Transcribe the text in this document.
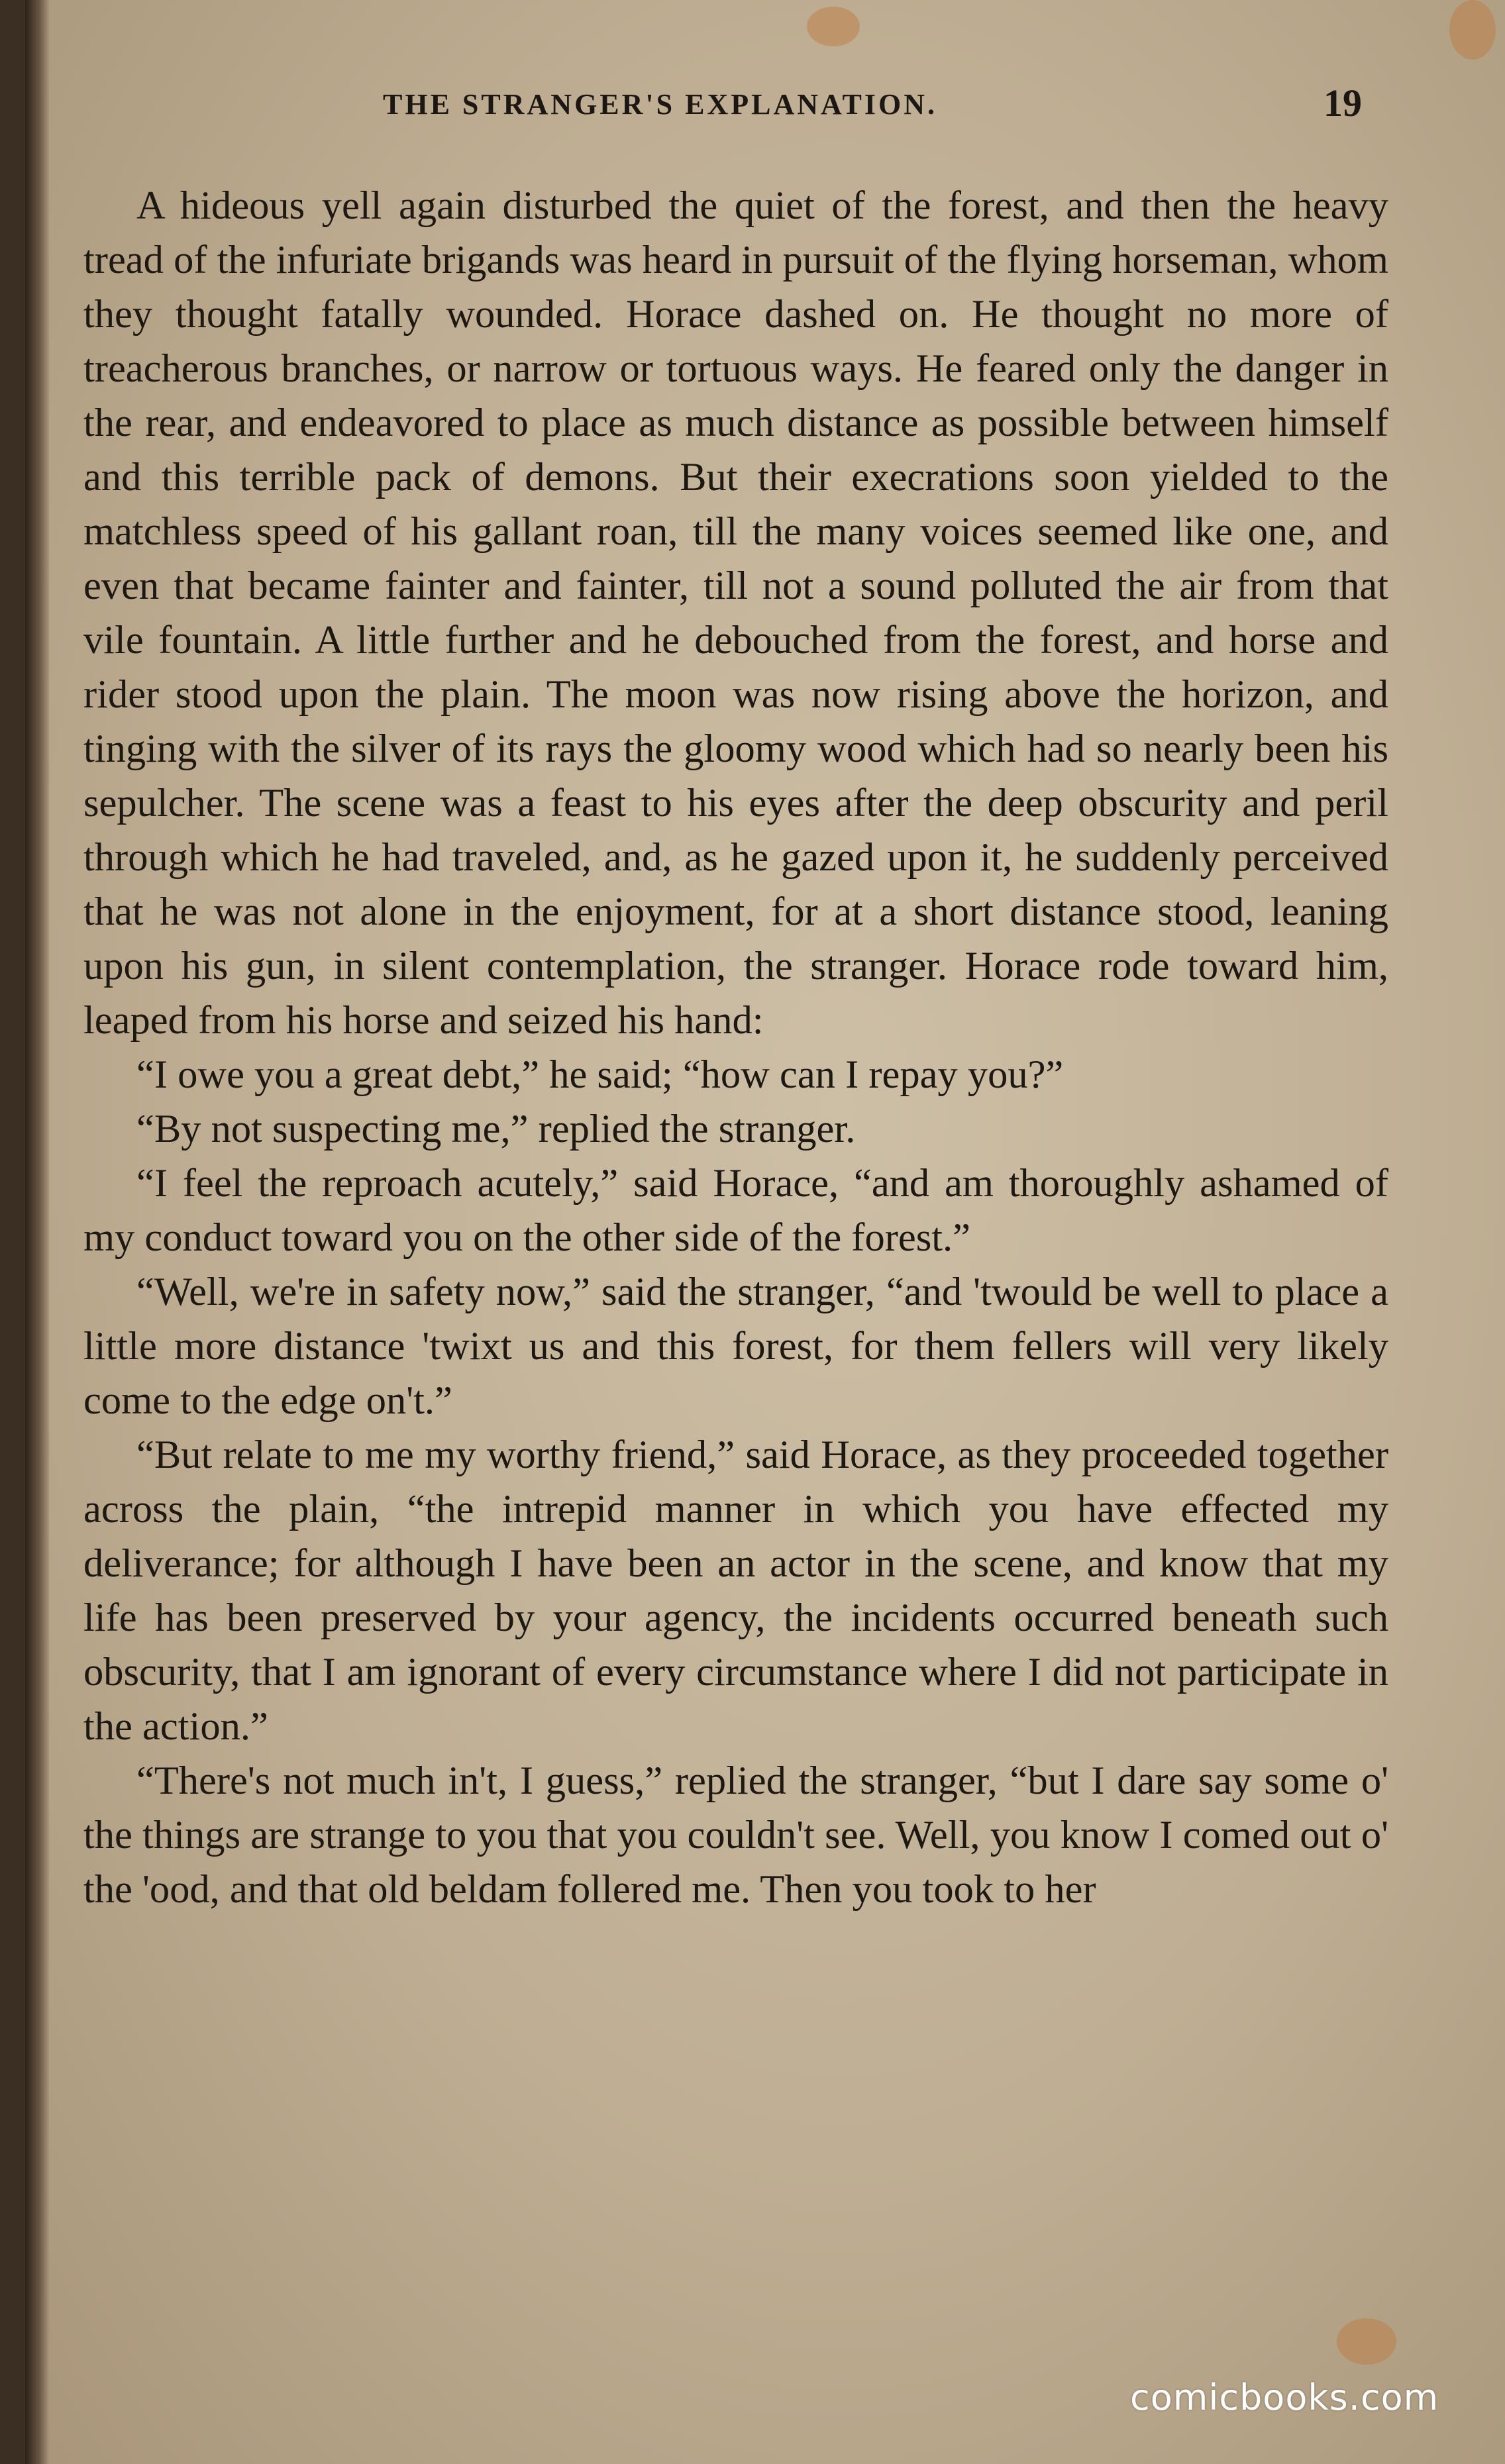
THE STRANGER'S EXPLANATION.	19

A hideous yell again disturbed the quiet of the forest, and then the heavy tread of the infuriate brigands was heard in pursuit of the flying horseman, whom they thought fatally wounded. Horace dashed on. He thought no more of treacherous branches, or narrow or tortuous ways. He feared only the danger in the rear, and endeavored to place as much distance as possible between himself and this terrible pack of demons. But their execrations soon yielded to the matchless speed of his gallant roan, till the many voices seemed like one, and even that became fainter and fainter, till not a sound polluted the air from that vile fountain. A little further and he debouched from the forest, and horse and rider stood upon the plain. The moon was now rising above the horizon, and tinging with the silver of its rays the gloomy wood which had so nearly been his sepulcher. The scene was a feast to his eyes after the deep obscurity and peril through which he had traveled, and, as he gazed upon it, he suddenly perceived that he was not alone in the enjoyment, for at a short distance stood, leaning upon his gun, in silent contemplation, the stranger. Horace rode toward him, leaped from his horse and seized his hand:

“I owe you a great debt,” he said; “how can I repay you?”

“By not suspecting me,” replied the stranger.

“I feel the reproach acutely,” said Horace, “and am thoroughly ashamed of my conduct toward you on the other side of the forest.”

“Well, we're in safety now,” said the stranger, “and 'twould be well to place a little more distance 'twixt us and this forest, for them fellers will very likely come to the edge on't.”

“But relate to me my worthy friend,” said Horace, as they proceeded together across the plain, “the intrepid manner in which you have effected my deliverance; for although I have been an actor in the scene, and know that my life has been preserved by your agency, the incidents occurred beneath such obscurity, that I am ignorant of every circumstance where I did not participate in the action.”

“There's not much in't, I guess,” replied the stranger, “but I dare say some o' the things are strange to you that you couldn't see. Well, you know I comed out o' the 'ood, and that old beldam follered me. Then you took to her

comicbooks.com
